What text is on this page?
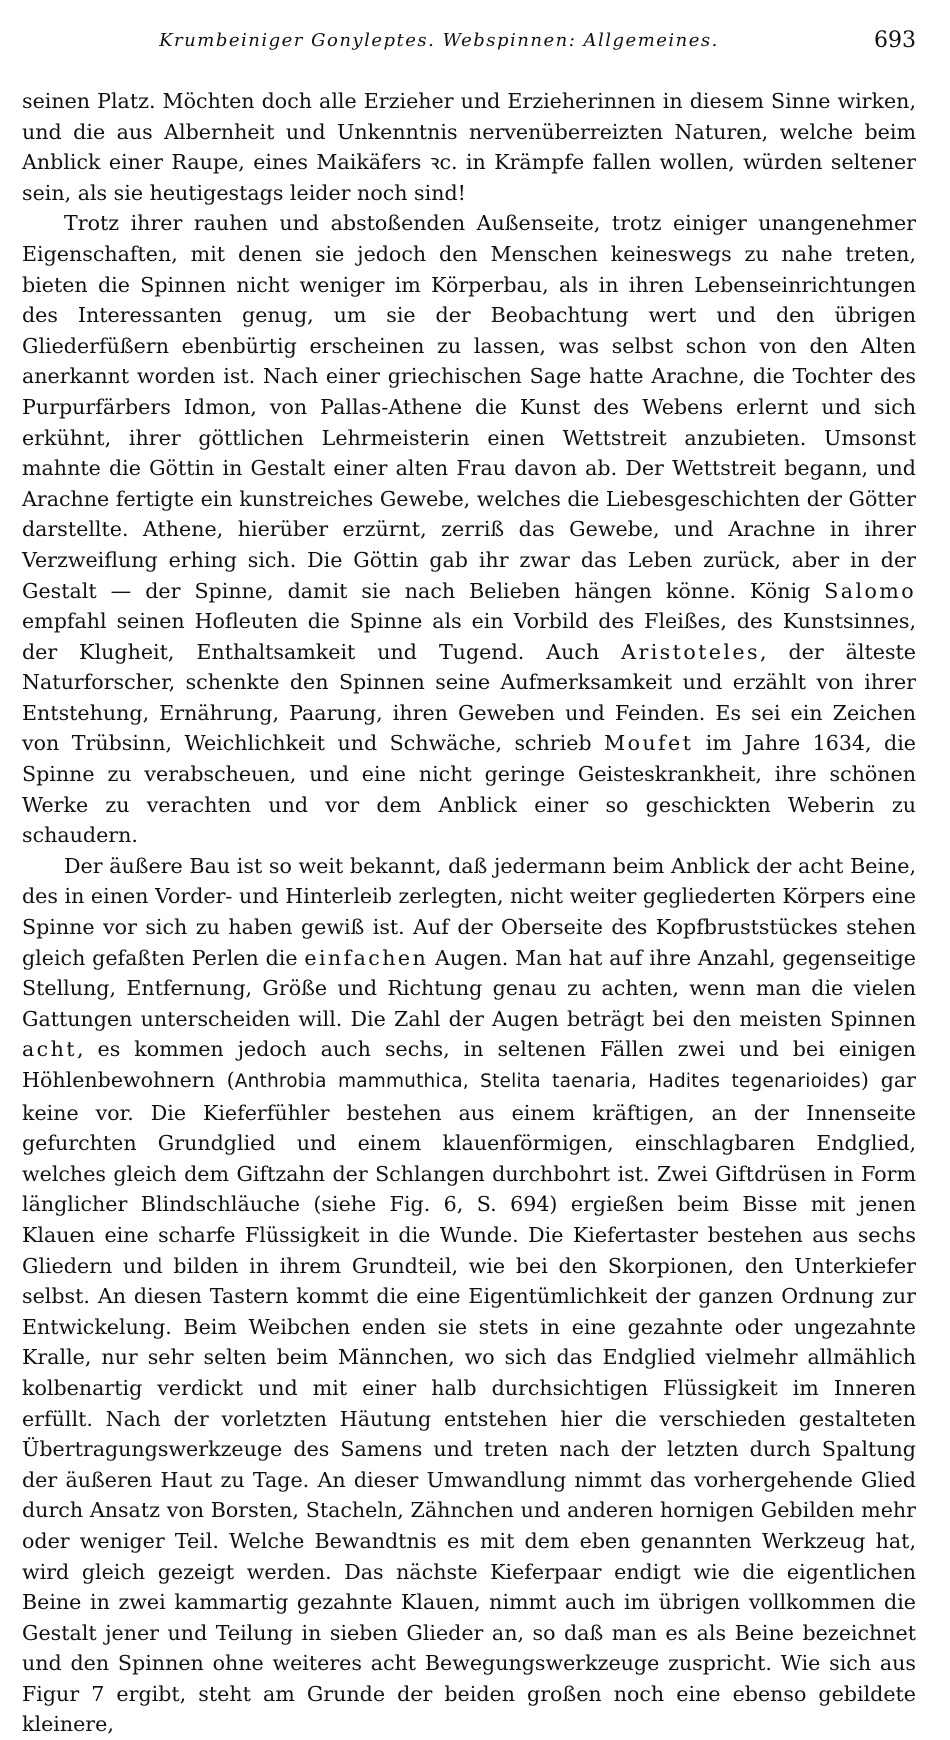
Krumbeiniger Gonyleptes. Webspinnen: Allgemeines.	693

seinen Platz. Möchten doch alle Erzieher und Erzieherinnen in diesem Sinne wirken, und die aus Albernheit und Unkenntnis nervenüberreizten Naturen, welche beim Anblick einer Raupe, eines Maikäfers ꝛc. in Krämpfe fallen wollen, würden seltener sein, als sie heutigestags leider noch sind!

Trotz ihrer rauhen und abstoßenden Außenseite, trotz einiger unangenehmer Eigenschaften, mit denen sie jedoch den Menschen keineswegs zu nahe treten, bieten die Spinnen nicht weniger im Körperbau, als in ihren Lebenseinrichtungen des Interessanten genug, um sie der Beobachtung wert und den übrigen Gliederfüßern ebenbürtig erscheinen zu lassen, was selbst schon von den Alten anerkannt worden ist. Nach einer griechischen Sage hatte Arachne, die Tochter des Purpurfärbers Idmon, von Pallas-Athene die Kunst des Webens erlernt und sich erkühnt, ihrer göttlichen Lehrmeisterin einen Wettstreit anzubieten. Umsonst mahnte die Göttin in Gestalt einer alten Frau davon ab. Der Wettstreit begann, und Arachne fertigte ein kunstreiches Gewebe, welches die Liebesgeschichten der Götter darstellte. Athene, hierüber erzürnt, zerriß das Gewebe, und Arachne in ihrer Verzweiflung erhing sich. Die Göttin gab ihr zwar das Leben zurück, aber in der Gestalt — der Spinne, damit sie nach Belieben hängen könne. König Salomo empfahl seinen Hofleuten die Spinne als ein Vorbild des Fleißes, des Kunstsinnes, der Klugheit, Enthaltsamkeit und Tugend. Auch Aristoteles, der älteste Naturforscher, schenkte den Spinnen seine Aufmerksamkeit und erzählt von ihrer Entstehung, Ernährung, Paarung, ihren Geweben und Feinden. Es sei ein Zeichen von Trübsinn, Weichlichkeit und Schwäche, schrieb Moufet im Jahre 1634, die Spinne zu verabscheuen, und eine nicht geringe Geisteskrankheit, ihre schönen Werke zu verachten und vor dem Anblick einer so geschickten Weberin zu schaudern.

Der äußere Bau ist so weit bekannt, daß jedermann beim Anblick der acht Beine, des in einen Vorder- und Hinterleib zerlegten, nicht weiter gegliederten Körpers eine Spinne vor sich zu haben gewiß ist. Auf der Oberseite des Kopfbruststückes stehen gleich gefaßten Perlen die einfachen Augen. Man hat auf ihre Anzahl, gegenseitige Stellung, Entfernung, Größe und Richtung genau zu achten, wenn man die vielen Gattungen unterscheiden will. Die Zahl der Augen beträgt bei den meisten Spinnen acht, es kommen jedoch auch sechs, in seltenen Fällen zwei und bei einigen Höhlenbewohnern (Anthrobia mammuthica, Stelita taenaria, Hadites tegenarioides) gar keine vor. Die Kieferfühler bestehen aus einem kräftigen, an der Innenseite gefurchten Grundglied und einem klauenförmigen, einschlagbaren Endglied, welches gleich dem Giftzahn der Schlangen durchbohrt ist. Zwei Giftdrüsen in Form länglicher Blindschläuche (siehe Fig. 6, S. 694) ergießen beim Bisse mit jenen Klauen eine scharfe Flüssigkeit in die Wunde. Die Kiefertaster bestehen aus sechs Gliedern und bilden in ihrem Grundteil, wie bei den Skorpionen, den Unterkiefer selbst. An diesen Tastern kommt die eine Eigentümlichkeit der ganzen Ordnung zur Entwickelung. Beim Weibchen enden sie stets in eine gezahnte oder ungezahnte Kralle, nur sehr selten beim Männchen, wo sich das Endglied vielmehr allmählich kolbenartig verdickt und mit einer halb durchsichtigen Flüssigkeit im Inneren erfüllt. Nach der vorletzten Häutung entstehen hier die verschieden gestalteten Übertragungswerkzeuge des Samens und treten nach der letzten durch Spaltung der äußeren Haut zu Tage. An dieser Umwandlung nimmt das vorhergehende Glied durch Ansatz von Borsten, Stacheln, Zähnchen und anderen hornigen Gebilden mehr oder weniger Teil. Welche Bewandtnis es mit dem eben genannten Werkzeug hat, wird gleich gezeigt werden. Das nächste Kieferpaar endigt wie die eigentlichen Beine in zwei kammartig gezahnte Klauen, nimmt auch im übrigen vollkommen die Gestalt jener und Teilung in sieben Glieder an, so daß man es als Beine bezeichnet und den Spinnen ohne weiteres acht Bewegungswerkzeuge zuspricht. Wie sich aus Figur 7 ergibt, steht am Grunde der beiden großen noch eine ebenso gebildete kleinere,
